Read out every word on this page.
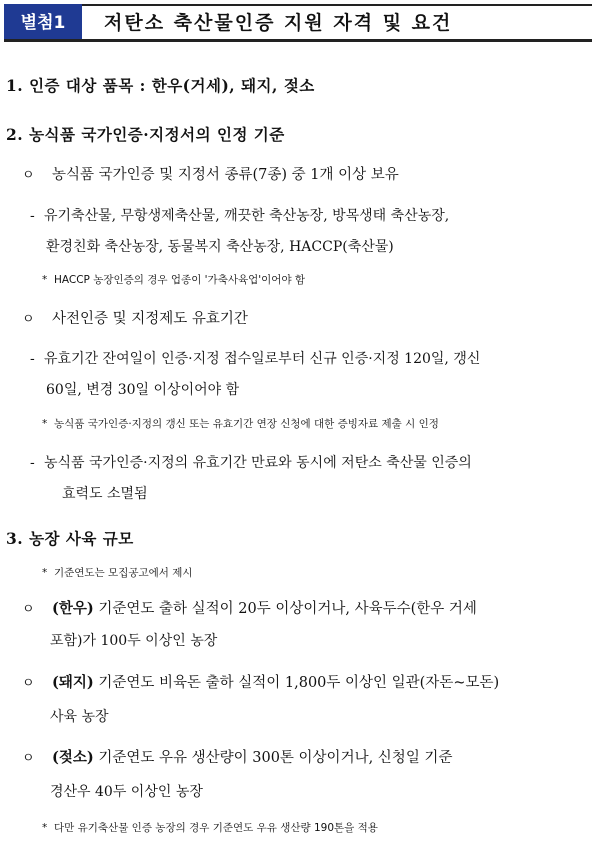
별첨1	저탄소 축산물인증 지원 자격 및 요건
1. 인증 대상 품목 : 한우(거세), 돼지, 젖소
2. 농식품 국가인증·지정서의 인정 기준
ㅇ 농식품 국가인증 및 지정서 종류(7종) 중 1개 이상 보유
- 유기축산물, 무항생제축산물, 깨끗한 축산농장, 방목생태 축산농장,
환경친화 축산농장, 동물복지 축산농장, HACCP(축산물)
* HACCP 농장인증의 경우 업종이 '가축사육업'이어야 함
ㅇ 사전인증 및 지정제도 유효기간
- 유효기간 잔여일이 인증·지정 접수일로부터 신규 인증·지정 120일, 갱신
60일, 변경 30일 이상이어야 함
* 농식품 국가인증·지정의 갱신 또는 유효기간 연장 신청에 대한 증빙자료 제출 시 인정
- 농식품 국가인증·지정의 유효기간 만료와 동시에 저탄소 축산물 인증의
효력도 소멸됨
3. 농장 사육 규모
* 기준연도는 모집공고에서 제시
ㅇ (한우) 기준연도 출하 실적이 20두 이상이거나, 사육두수(한우 거세
포함)가 100두 이상인 농장
ㅇ (돼지) 기준연도 비육돈 출하 실적이 1,800두 이상인 일관(자돈~모돈)
사육 농장
ㅇ (젖소) 기준연도 우유 생산량이 300톤 이상이거나, 신청일 기준
경산우 40두 이상인 농장
* 다만 유기축산물 인증 농장의 경우 기준연도 우유 생산량 190톤을 적용
